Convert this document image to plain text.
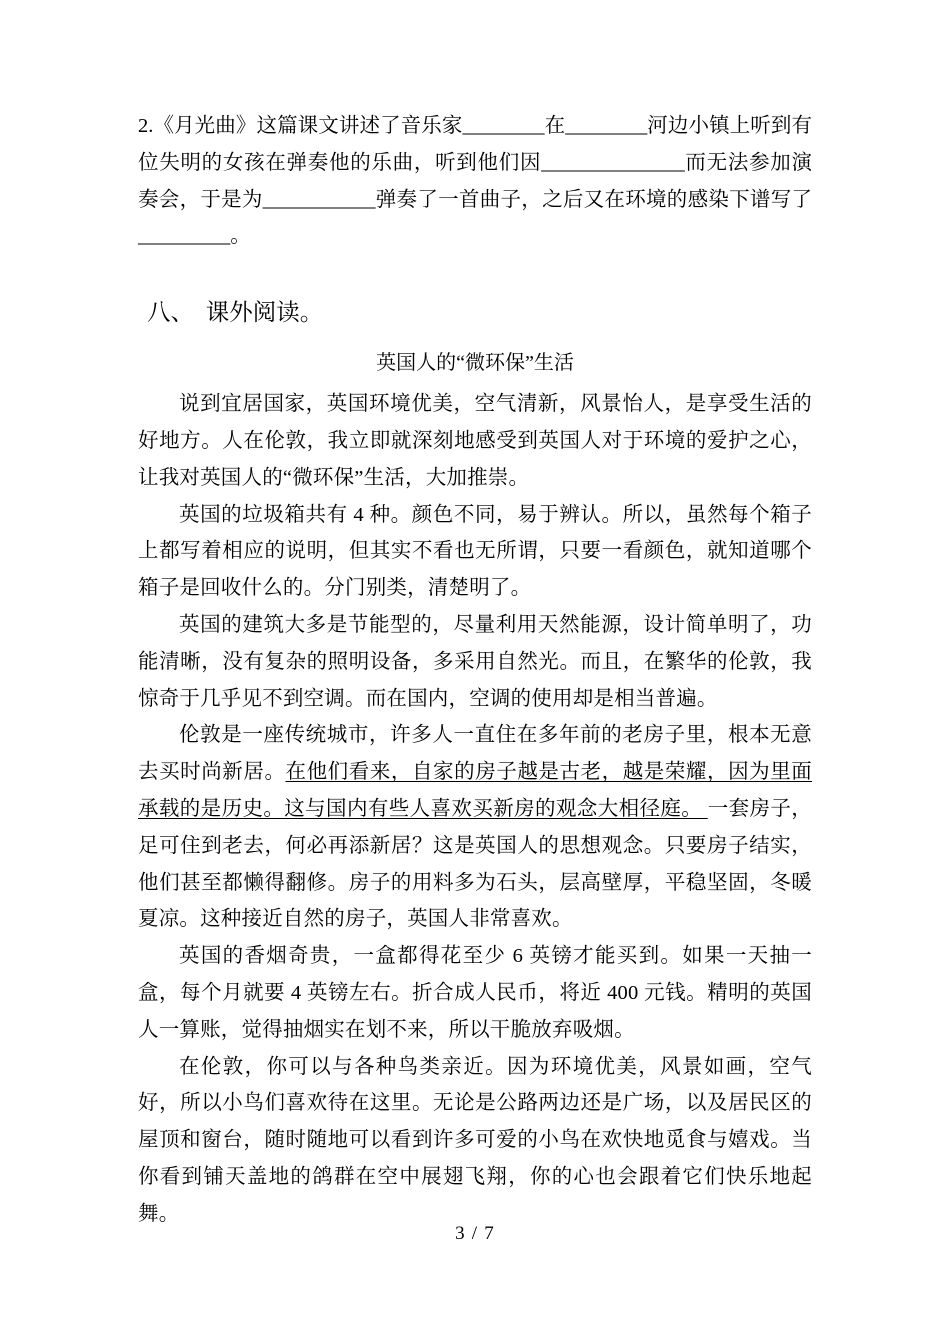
2.《月光曲》这篇课文讲述了音乐家________在________河边小镇上听到有位失明的女孩在弹奏他的乐曲，听到他们因______________而无法参加演奏会，于是为___________弹奏了一首曲子，之后又在环境的感染下谱写了_________。

八、  课外阅读。
英国人的“微环保”生活

说到宜居国家，英国环境优美，空气清新，风景怡人，是享受生活的好地方。人在伦敦，我立即就深刻地感受到英国人对于环境的爱护之心，让我对英国人的“微环保”生活，大加推崇。

英国的垃圾箱共有 4 种。颜色不同，易于辨认。所以，虽然每个箱子上都写着相应的说明，但其实不看也无所谓，只要一看颜色，就知道哪个箱子是回收什么的。分门别类，清楚明了。

英国的建筑大多是节能型的，尽量利用天然能源，设计简单明了，功能清晰，没有复杂的照明设备，多采用自然光。而且，在繁华的伦敦，我惊奇于几乎见不到空调。而在国内，空调的使用却是相当普遍。

伦敦是一座传统城市，许多人一直住在多年前的老房子里，根本无意去买时尚新居。在他们看来，自家的房子越是古老，越是荣耀，因为里面承载的是历史。这与国内有些人喜欢买新房的观念大相径庭。 一套房子，足可住到老去，何必再添新居？这是英国人的思想观念。只要房子结实，他们甚至都懒得翻修。房子的用料多为石头，层高壁厚，平稳坚固，冬暖夏凉。这种接近自然的房子，英国人非常喜欢。

英国的香烟奇贵，一盒都得花至少 6 英镑才能买到。如果一天抽一盒，每个月就要 4 英镑左右。折合成人民币，将近 400 元钱。精明的英国人一算账，觉得抽烟实在划不来，所以干脆放弃吸烟。

在伦敦，你可以与各种鸟类亲近。因为环境优美，风景如画，空气好，所以小鸟们喜欢待在这里。无论是公路两边还是广场，以及居民区的屋顶和窗台，随时随地可以看到许多可爱的小鸟在欢快地觅食与嬉戏。当你看到铺天盖地的鸽群在空中展翅飞翔，你的心也会跟着它们快乐地起舞。

3 / 7
